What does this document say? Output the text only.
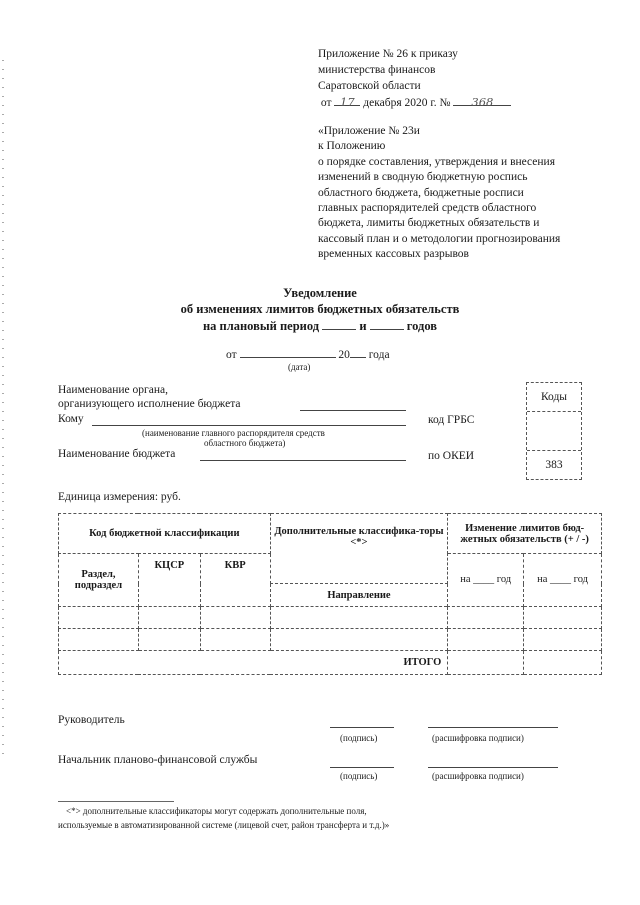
Приложение № 26 к приказу
министерства финансов
Саратовской области
от 17 декабря 2020 г. № 368
«Приложение № 23и
к Положению
о порядке составления, утверждения и внесения
изменений в сводную бюджетную роспись
областного бюджета, бюджетные росписи
главных распорядителей средств областного
бюджета, лимиты бюджетных обязательств и
кассовый план и о методологии прогнозирования
временных кассовых разрывов
Уведомление
об изменениях лимитов бюджетных обязательств
на плановый период	и	годов
от	20 года
(дата)
Наименование органа,
организующего исполнение бюджета
Кому
(наименование главного распорядителя средств
областного бюджета)
Наименование бюджета
код ГРБС
по ОКЕИ
Коды
383
Единица измерения: руб.
Код бюджетной классификации			Дополнительные классифика-торы <*>	Изменение лимитов бюд-жетных обязательств (+ / -)	
Раздел, подраздел	КЦСР	КВР		на ____ год	на ____ год
			Направление		

ИТОГО					
Руководитель
(подпись)	(расшифровка подписи)
Начальник планово-финансовой службы
(подпись)	(расшифровка подписи)
<*> дополнительные классификаторы могут содержать дополнительные поля,
используемые в автоматизированной системе (лицевой счет, район трансферта и т.д.)»
